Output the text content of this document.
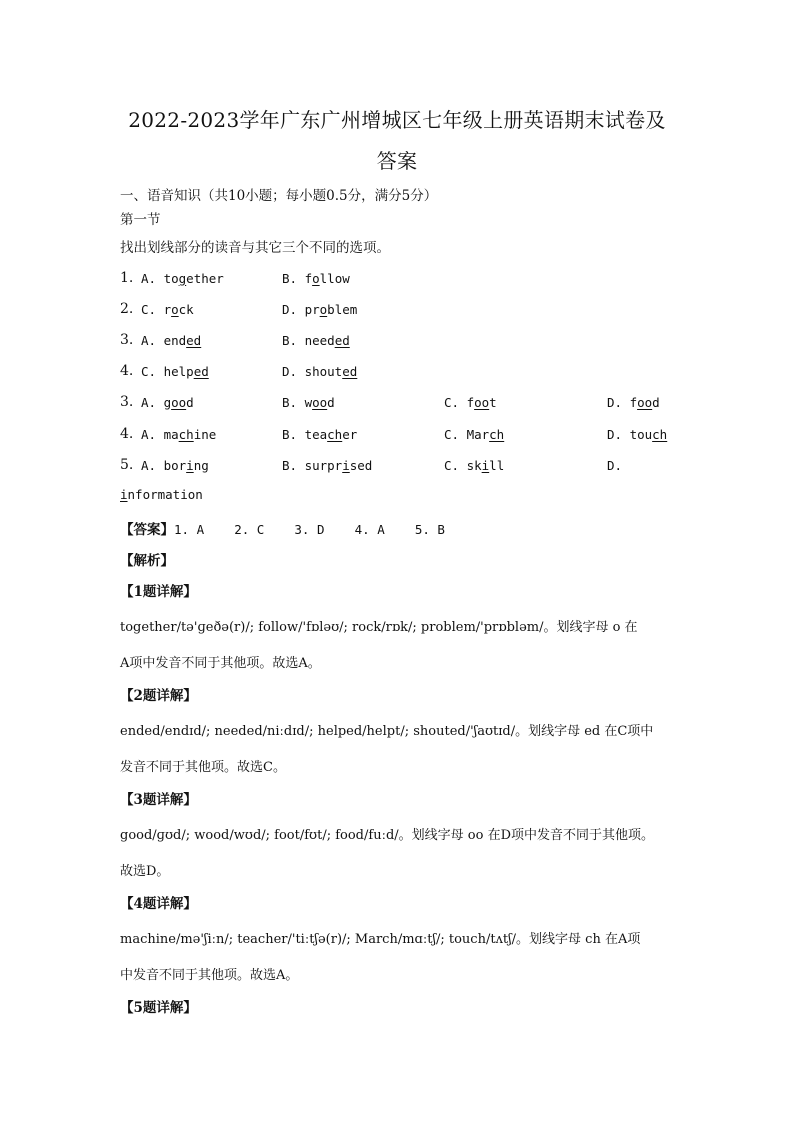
2022-2023学年广东广州增城区七年级上册英语期末试卷及
答案
一、语音知识（共10小题；每小题0.5分，满分5分）
第一节
找出划线部分的读音与其它三个不同的选项。
1. A. together	B. follow
2. C. rock	D. problem
3. A. ended	B. needed
4. C. helped	D. shouted
3. A. good	B. wood	C. foot	D. food
4. A. machine	B. teacher	C. March	D. touch
5. A. boring	B. surprised	C. skill	D.
information
【答案】1. A    2. C    3. D    4. A    5. B
【解析】
【1题详解】
together/tə'ɡeðə(r)/; follow/'fɒləʊ/; rock/rɒk/; problem/'prɒbləm/。划线字母 o 在
A项中发音不同于其他项。故选A。
【2题详解】
ended/endɪd/; needed/niːdɪd/; helped/helpt/; shouted/'ʃaʊtɪd/。划线字母 ed 在C项中
发音不同于其他项。故选C。
【3题详解】
good/ɡʊd/; wood/wʊd/; foot/fʊt/; food/fuːd/。划线字母 oo 在D项中发音不同于其他项。
故选D。
【4题详解】
machine/mə'ʃiːn/; teacher/'tiːtʃə(r)/; March/mɑːtʃ/; touch/tʌtʃ/。划线字母 ch 在A项
中发音不同于其他项。故选A。
【5题详解】
